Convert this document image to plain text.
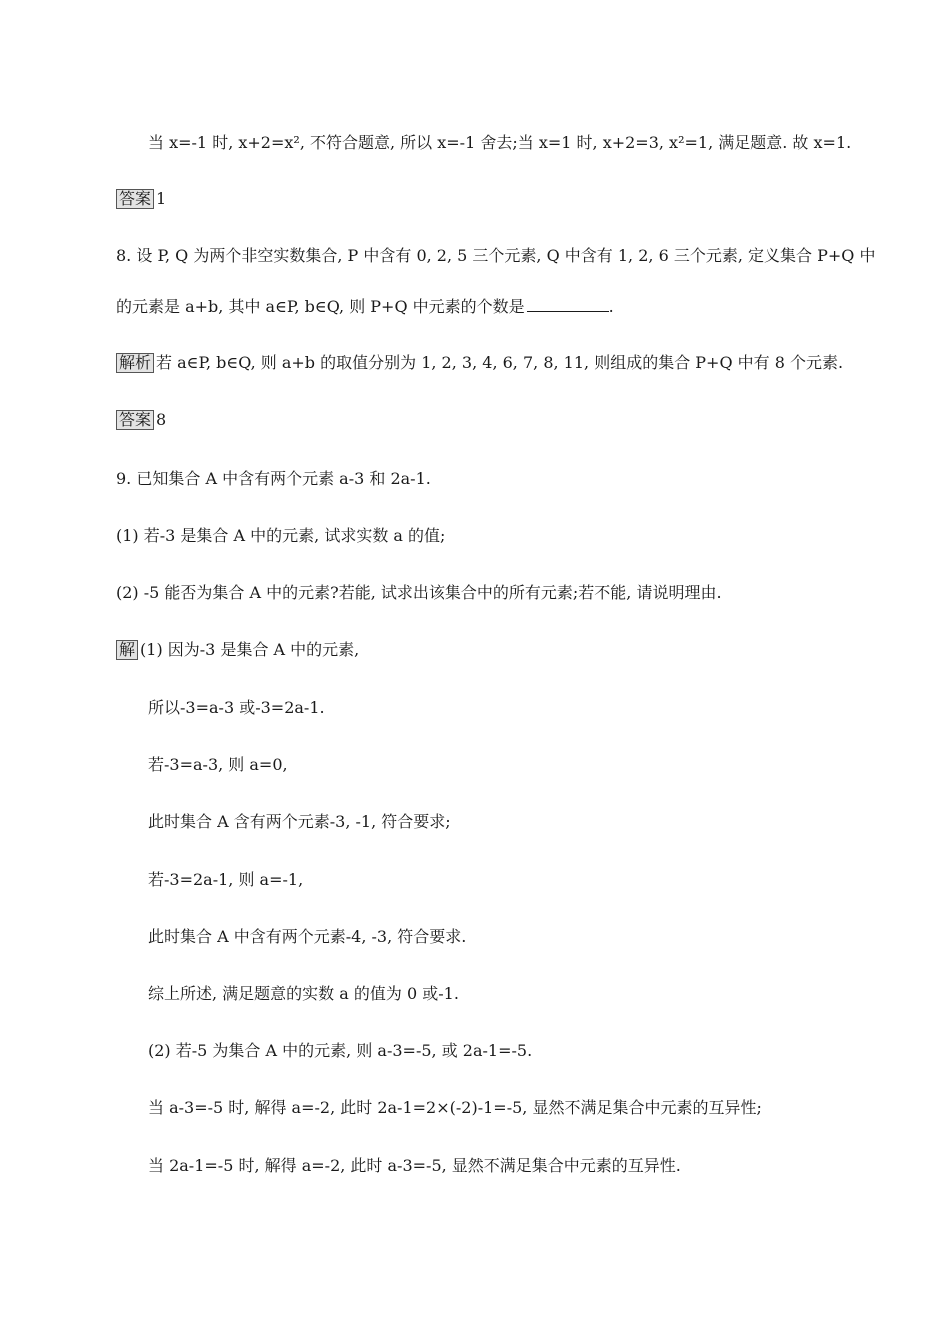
当 x=-1 时, x+2=x², 不符合题意, 所以 x=-1 舍去;当 x=1 时, x+2=3, x²=1, 满足题意. 故 x=1.
答案 1
8. 设 P, Q 为两个非空实数集合, P 中含有 0, 2, 5 三个元素, Q 中含有 1, 2, 6 三个元素, 定义集合 P+Q 中
的元素是 a+b, 其中 a∈P, b∈Q, 则 P+Q 中元素的个数是	.
解析 若 a∈P, b∈Q, 则 a+b 的取值分别为 1, 2, 3, 4, 6, 7, 8, 11, 则组成的集合 P+Q 中有 8 个元素.
答案 8
9. 已知集合 A 中含有两个元素 a-3 和 2a-1.
(1) 若-3 是集合 A 中的元素, 试求实数 a 的值;
(2) -5 能否为集合 A 中的元素?若能, 试求出该集合中的所有元素;若不能, 请说明理由.
解 (1) 因为-3 是集合 A 中的元素,
所以-3=a-3 或-3=2a-1.
若-3=a-3, 则 a=0,
此时集合 A 含有两个元素-3, -1, 符合要求;
若-3=2a-1, 则 a=-1,
此时集合 A 中含有两个元素-4, -3, 符合要求.
综上所述, 满足题意的实数 a 的值为 0 或-1.
(2) 若-5 为集合 A 中的元素, 则 a-3=-5, 或 2a-1=-5.
当 a-3=-5 时, 解得 a=-2, 此时 2a-1=2×(-2)-1=-5, 显然不满足集合中元素的互异性;
当 2a-1=-5 时, 解得 a=-2, 此时 a-3=-5, 显然不满足集合中元素的互异性.
